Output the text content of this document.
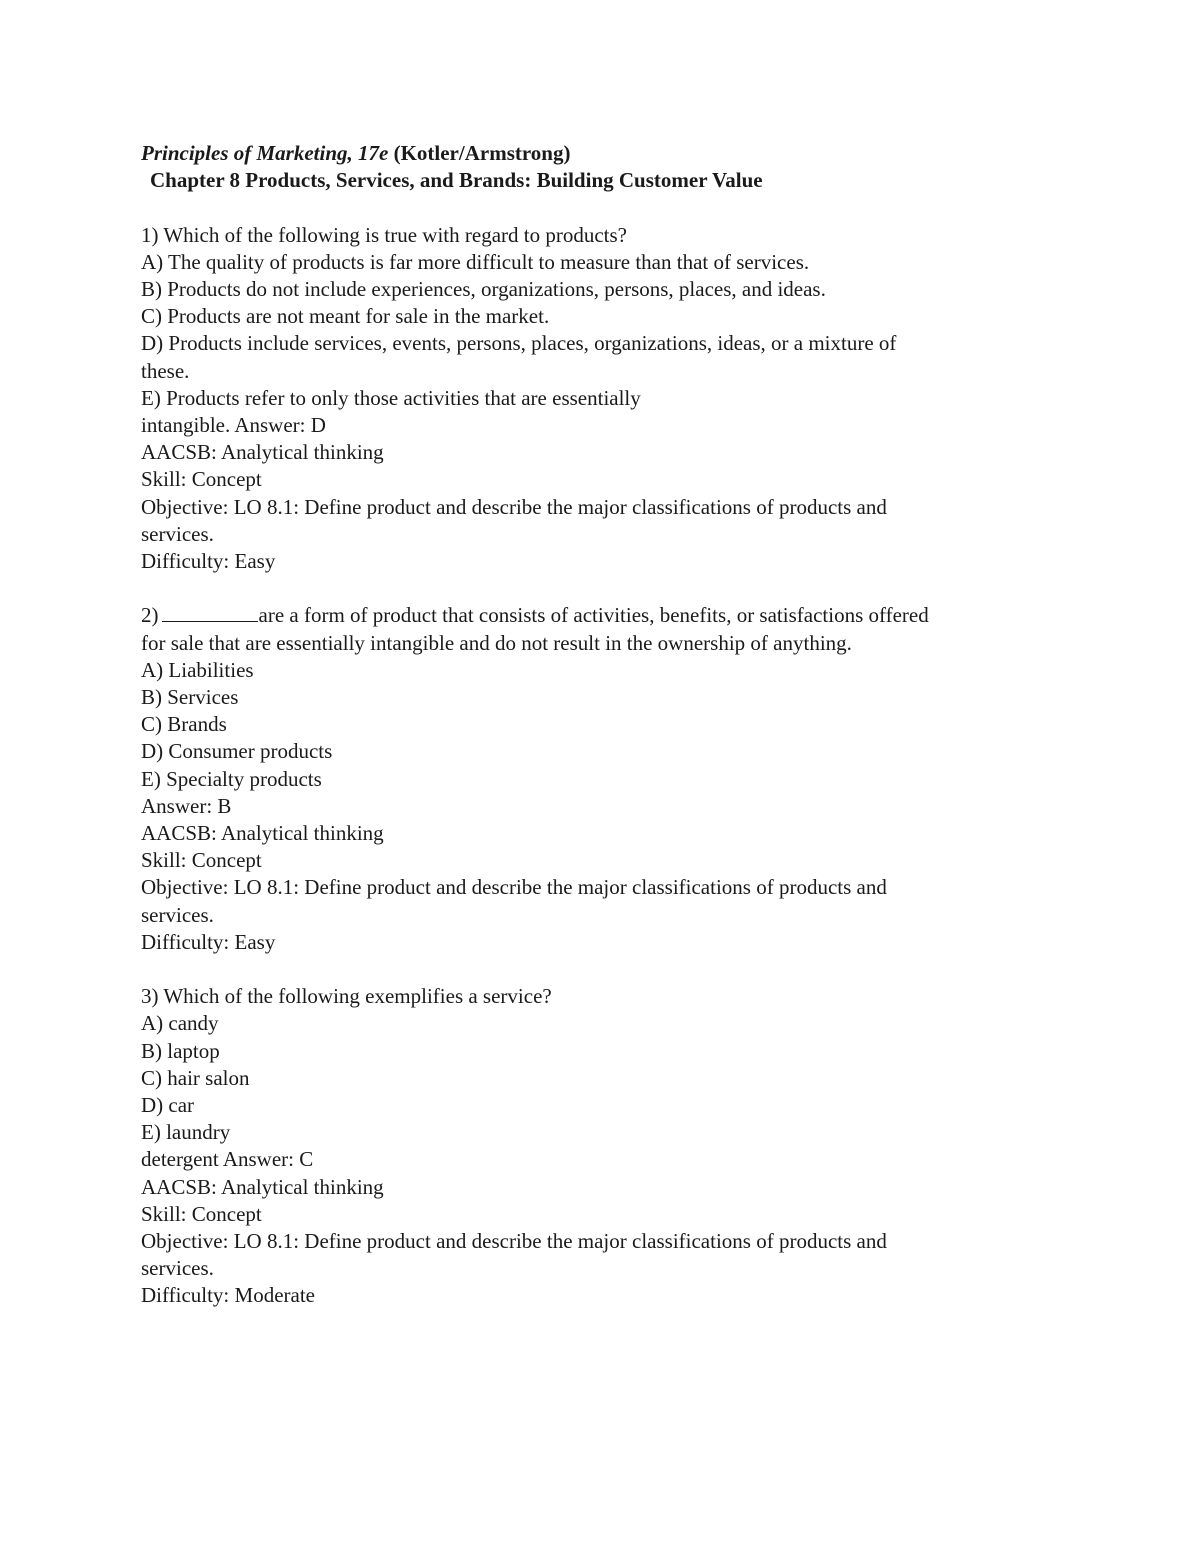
Principles of Marketing, 17e (Kotler/Armstrong)
Chapter 8 Products, Services, and Brands: Building Customer Value
1) Which of the following is true with regard to products?
A) The quality of products is far more difficult to measure than that of services.
B) Products do not include experiences, organizations, persons, places, and ideas.
C) Products are not meant for sale in the market.
D) Products include services, events, persons, places, organizations, ideas, or a mixture of
these.
E) Products refer to only those activities that are essentially
intangible. Answer: D
AACSB: Analytical thinking
Skill: Concept
Objective: LO 8.1: Define product and describe the major classifications of products and
services.
Difficulty: Easy
2)	are a form of product that consists of activities, benefits, or satisfactions offered
for sale that are essentially intangible and do not result in the ownership of anything.
A) Liabilities
B) Services
C) Brands
D) Consumer products
E) Specialty products
Answer: B
AACSB: Analytical thinking
Skill: Concept
Objective: LO 8.1: Define product and describe the major classifications of products and
services.
Difficulty: Easy
3) Which of the following exemplifies a service?
A) candy
B) laptop
C) hair salon
D) car
E) laundry
detergent Answer: C
AACSB: Analytical thinking
Skill: Concept
Objective: LO 8.1: Define product and describe the major classifications of products and
services.
Difficulty: Moderate
